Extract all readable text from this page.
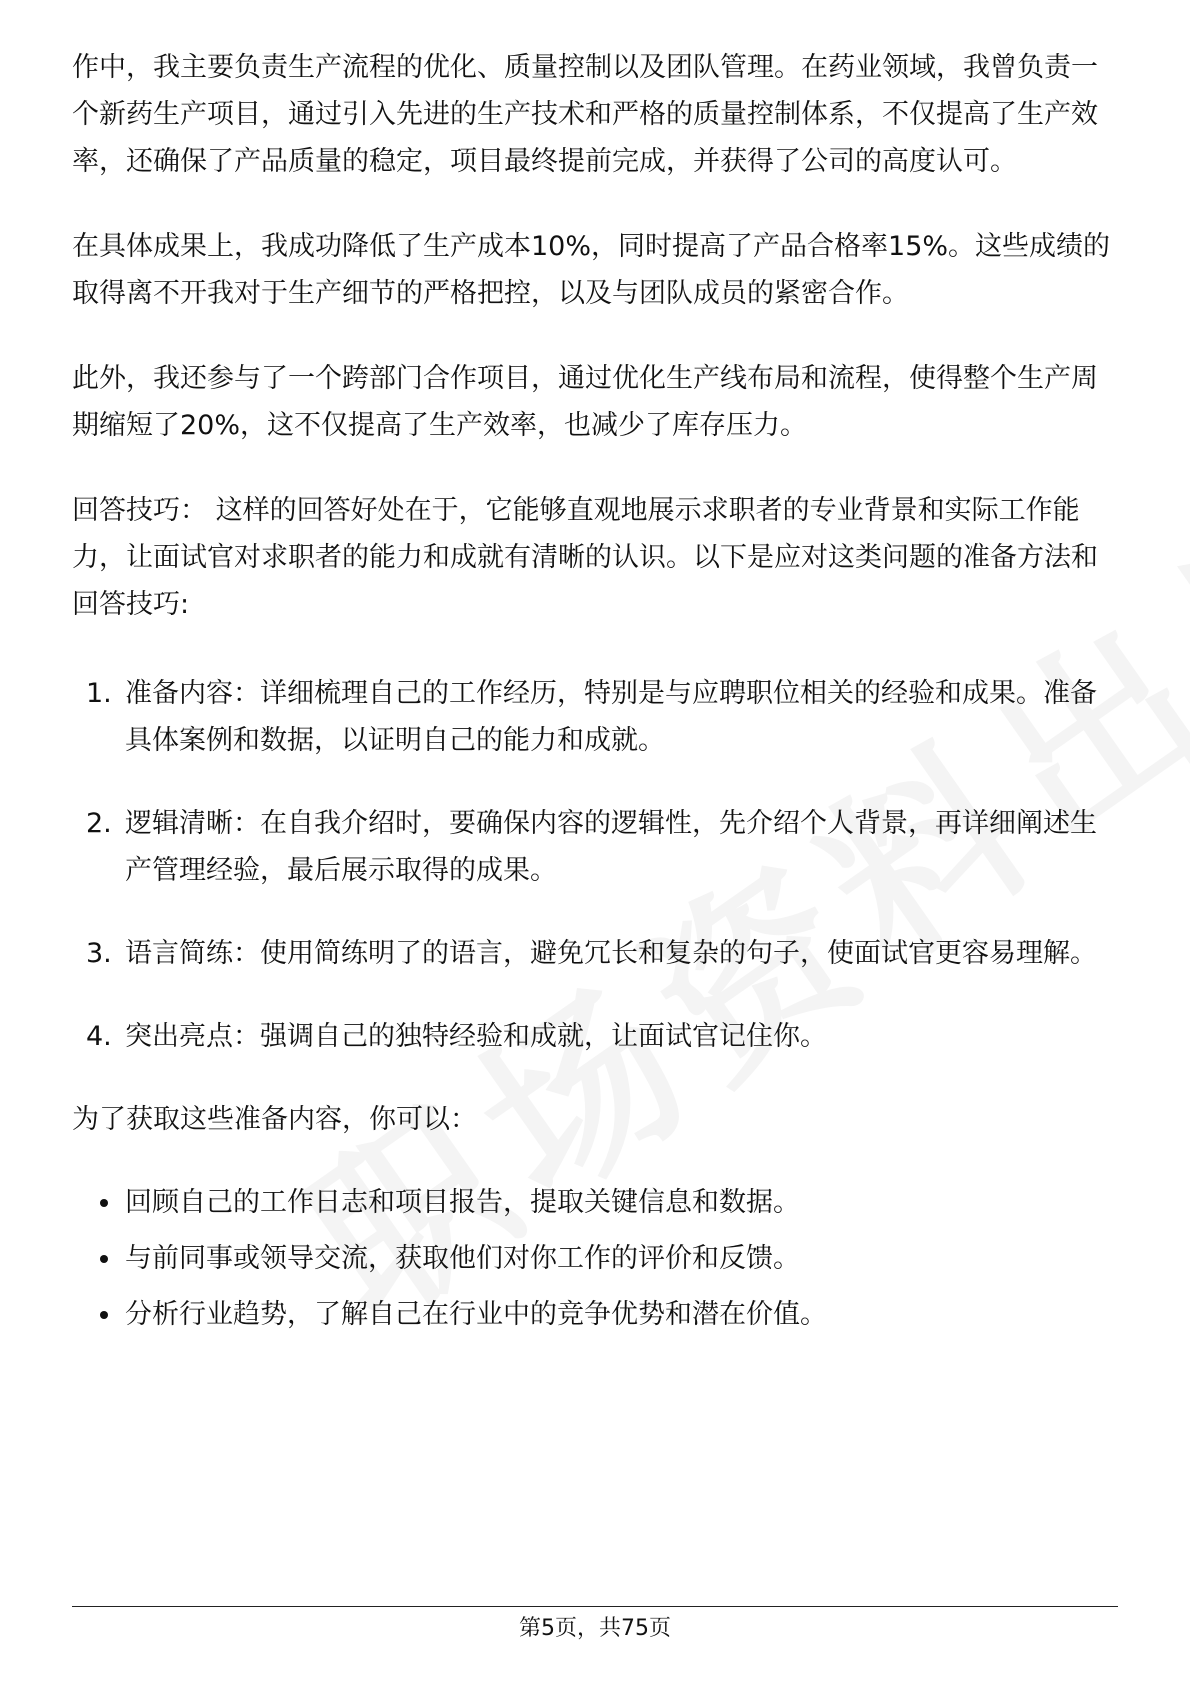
作中，我主要负责生产流程的优化、质量控制以及团队管理。在药业领域，我曾负责一个新药生产项目，通过引入先进的生产技术和严格的质量控制体系，不仅提高了生产效率，还确保了产品质量的稳定，项目最终提前完成，并获得了公司的高度认可。

在具体成果上，我成功降低了生产成本10%，同时提高了产品合格率15%。这些成绩的取得离不开我对于生产细节的严格把控，以及与团队成员的紧密合作。

此外，我还参与了一个跨部门合作项目，通过优化生产线布局和流程，使得整个生产周期缩短了20%，这不仅提高了生产效率，也减少了库存压力。

回答技巧： 这样的回答好处在于，它能够直观地展示求职者的专业背景和实际工作能力，让面试官对求职者的能力和成就有清晰的认识。以下是应对这类问题的准备方法和回答技巧:

1. 准备内容：详细梳理自己的工作经历，特别是与应聘职位相关的经验和成果。准备具体案例和数据，以证明自己的能力和成就。
2. 逻辑清晰：在自我介绍时，要确保内容的逻辑性，先介绍个人背景，再详细阐述生产管理经验，最后展示取得的成果。
3. 语言简练：使用简练明了的语言，避免冗长和复杂的句子，使面试官更容易理解。
4. 突出亮点：强调自己的独特经验和成就，让面试官记住你。

为了获取这些准备内容，你可以：

回顾自己的工作日志和项目报告，提取关键信息和数据。
与前同事或领导交流，获取他们对你工作的评价和反馈。
分析行业趋势，了解自己在行业中的竞争优势和潜在价值。
第5页，共75页
